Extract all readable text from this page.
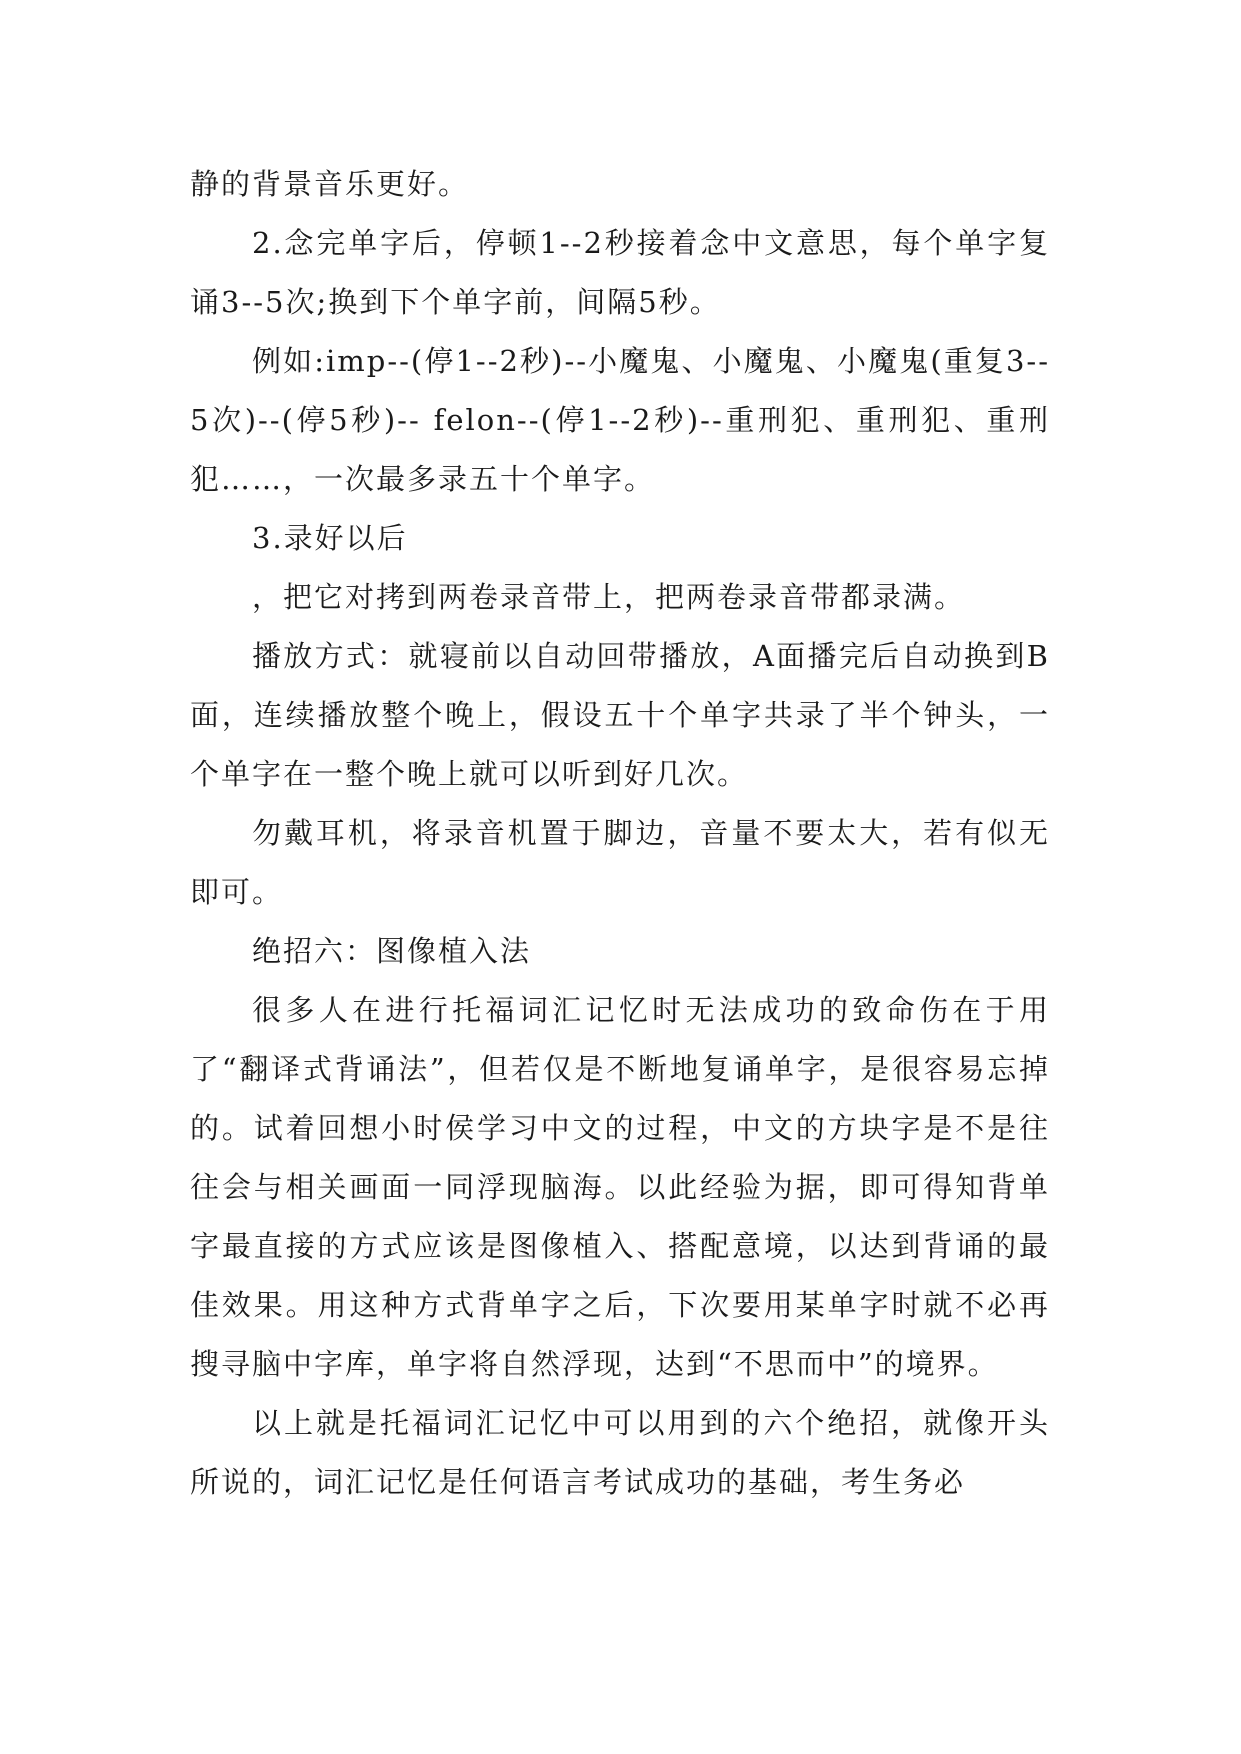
静的背景音乐更好。

2.念完单字后，停顿1--2秒接着念中文意思，每个单字复诵3--5次;换到下个单字前，间隔5秒。

例如:imp--(停1--2秒)--小魔鬼、小魔鬼、小魔鬼(重复3--5次)--(停5秒)-- felon--(停1--2秒)--重刑犯、重刑犯、重刑犯……，一次最多录五十个单字。

3.录好以后

，把它对拷到两卷录音带上，把两卷录音带都录满。

播放方式：就寝前以自动回带播放，A面播完后自动换到B面，连续播放整个晚上，假设五十个单字共录了半个钟头，一个单字在一整个晚上就可以听到好几次。

勿戴耳机，将录音机置于脚边，音量不要太大，若有似无即可。

绝招六：图像植入法

很多人在进行托福词汇记忆时无法成功的致命伤在于用了“翻译式背诵法”，但若仅是不断地复诵单字，是很容易忘掉的。试着回想小时侯学习中文的过程，中文的方块字是不是往往会与相关画面一同浮现脑海。以此经验为据，即可得知背单字最直接的方式应该是图像植入、搭配意境，以达到背诵的最佳效果。用这种方式背单字之后，下次要用某单字时就不必再搜寻脑中字库，单字将自然浮现，达到“不思而中”的境界。

以上就是托福词汇记忆中可以用到的六个绝招，就像开头所说的，词汇记忆是任何语言考试成功的基础，考生务必
